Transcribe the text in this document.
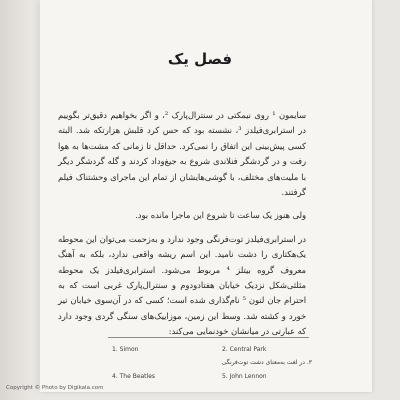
فصل یک

سایمون ¹ روی نیمکتی در سنترال‌پارک ²، و اگر بخواهیم دقیق‌تر بگوییم در استرابری‌فیلدز ³، نشسته بود که حس کرد قلبش هزارتکه شد. البته کسی پیش‌بینی این اتفاق را نمی‌کرد. حداقل تا زمانی که مشت‌ها به هوا رفت و در گردشگر فنلاندی شروع به جیغ‌وداد کردند و گله گردشگر دیگر با ملیت‌های مختلف، با گوشی‌هایشان از تمام این ماجرای وحشتناک فیلم گرفتند.

ولی هنوز یک ساعت تا شروع این ماجرا مانده بود.

در استرابری‌فیلدز توت‌فرنگی وجود ندارد و به‌زحمت می‌توان این محوطه یک‌هکتاری را دشت نامید. این اسم ریشه واقعی ندارد، بلکه به آهنگ معروف گروه بیتلز ⁴ مربوط می‌شود. استرابری‌فیلدز یک محوطه مثلثی‌شکل نزدیک خیابان هفتادودوم و سنترال‌پارک غربی است که به احترام جان لنون ⁵ نام‌گذاری شده است؛ کسی که در آن‌سوی خیابان تیر خورد و کشته شد. وسط این زمین، موزاییک‌های سنگی گردی وجود دارد که عبارتی در میانشان خودنمایی می‌کند:

1. Simon	2. Central Park
۳. در لغت به‌معنای دشت توت‌فرنگی
4. The Beatles	5. John Lennon
Copyright © Photo by Digikala.com
